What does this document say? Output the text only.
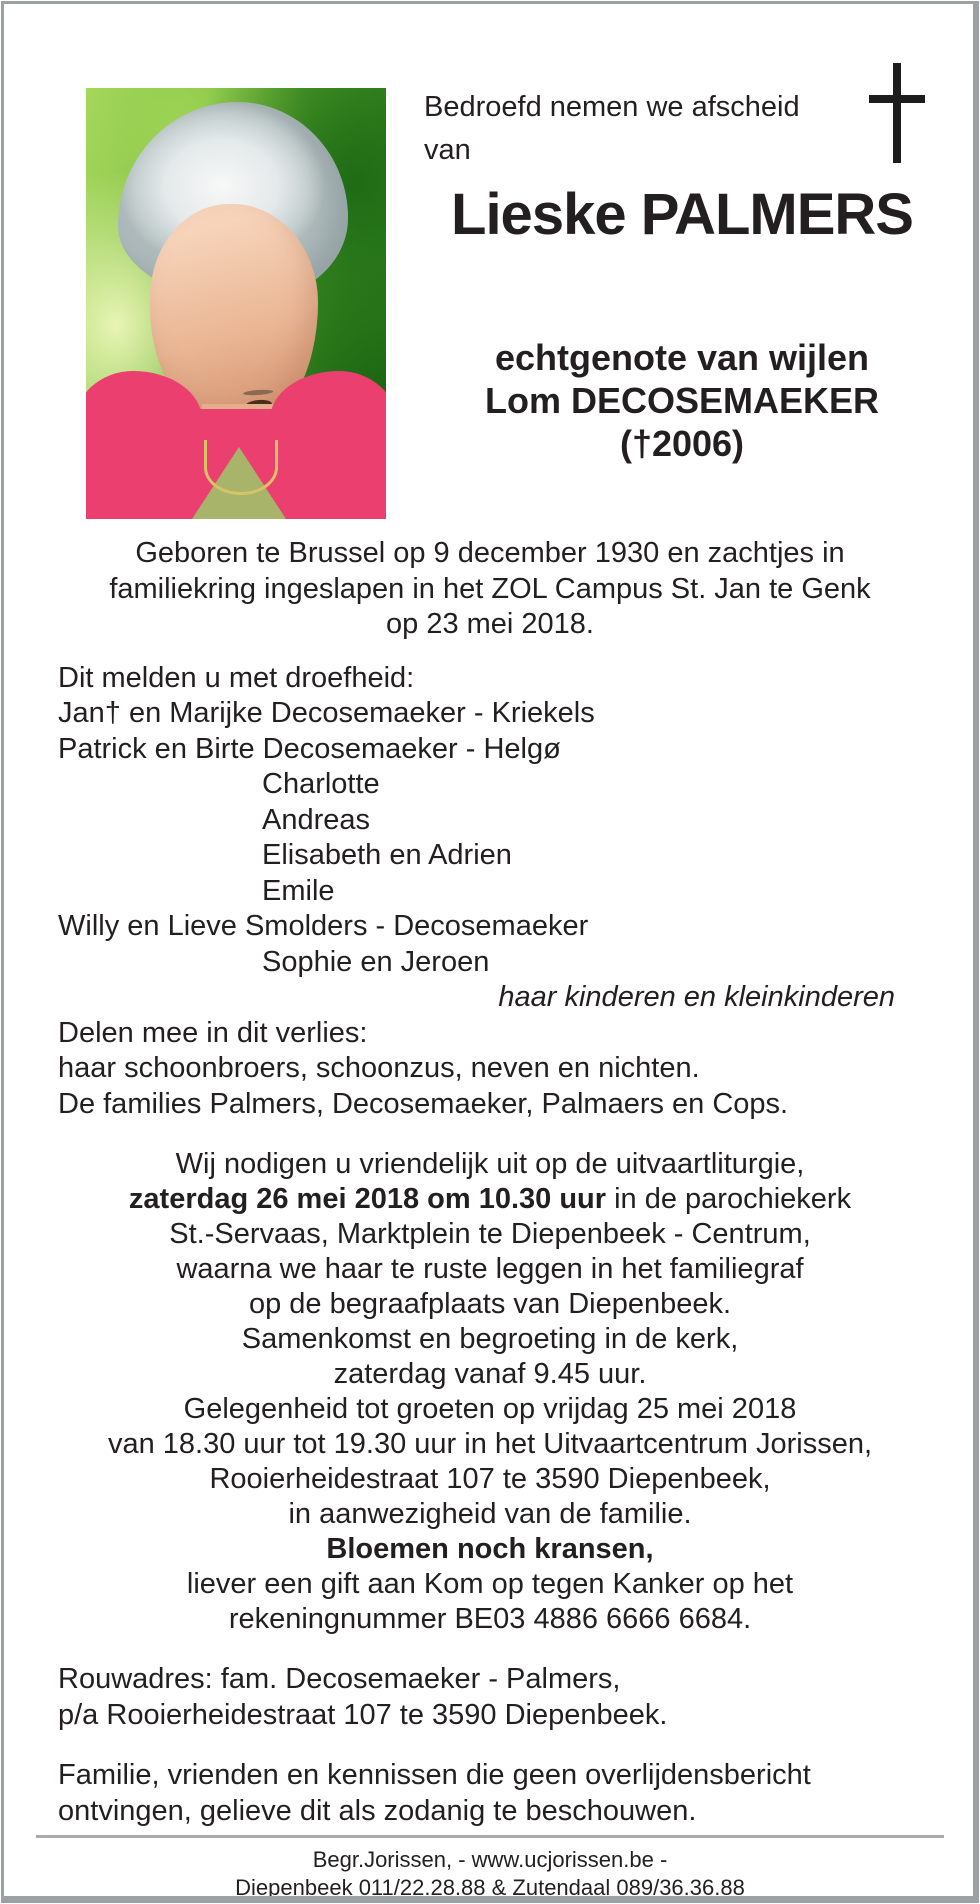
Bedroefd nemen we afscheid
van
Lieske PALMERS
echtgenote van wijlen
Lom DECOSEMAEKER
(†2006)
Geboren te Brussel op 9 december 1930 en zachtjes in
familiekring ingeslapen in het ZOL Campus St. Jan te Genk
op 23 mei 2018.
Dit melden u met droefheid:
Jan† en Marijke Decosemaeker - Kriekels
Patrick en Birte Decosemaeker - Helgø
Charlotte
Andreas
Elisabeth en Adrien
Emile
Willy en Lieve Smolders - Decosemaeker
Sophie en Jeroen
haar kinderen en kleinkinderen
Delen mee in dit verlies:
haar schoonbroers, schoonzus, neven en nichten.
De families Palmers, Decosemaeker, Palmaers en Cops.
Wij nodigen u vriendelijk uit op de uitvaartliturgie,
zaterdag 26 mei 2018 om 10.30 uur in de parochiekerk
St.-Servaas, Marktplein te Diepenbeek - Centrum,
waarna we haar te ruste leggen in het familiegraf
op de begraafplaats van Diepenbeek.
Samenkomst en begroeting in de kerk,
zaterdag vanaf 9.45 uur.
Gelegenheid tot groeten op vrijdag 25 mei 2018
van 18.30 uur tot 19.30 uur in het Uitvaartcentrum Jorissen,
Rooierheidestraat 107 te 3590 Diepenbeek,
in aanwezigheid van de familie.
Bloemen noch kransen,
liever een gift aan Kom op tegen Kanker op het
rekeningnummer BE03 4886 6666 6684.
Rouwadres: fam. Decosemaeker - Palmers,
p/a Rooierheidestraat 107 te 3590 Diepenbeek.
Familie, vrienden en kennissen die geen overlijdensbericht
ontvingen, gelieve dit als zodanig te beschouwen.
Begr.Jorissen, - www.ucjorissen.be -
Diepenbeek 011/22.28.88 & Zutendaal 089/36.36.88
